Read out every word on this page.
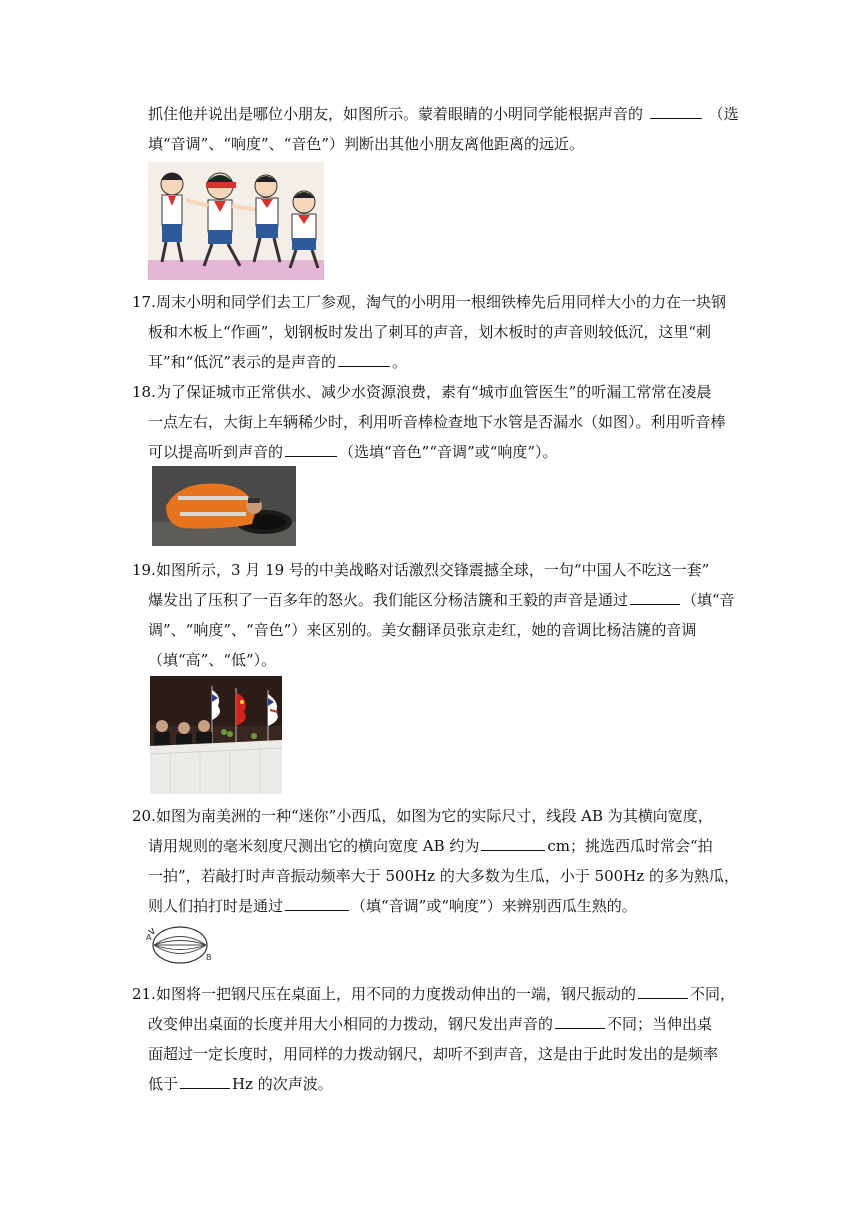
抓住他并说出是哪位小朋友，如图所示。蒙着眼睛的小明同学能根据声音的	（选
填“音调”、“响度”、“音色”）判断出其他小朋友离他距离的远近。
17. 周末小明和同学们去工厂参观，淘气的小明用一根细铁棒先后用同样大小的力在一块钢
板和木板上“作画”，划钢板时发出了刺耳的声音，划木板时的声音则较低沉，这里“刺
耳”和“低沉”表示的是声音的	。
18. 为了保证城市正常供水、减少水资源浪费，素有“城市血管医生”的听漏工常常在凌晨
一点左右，大街上车辆稀少时，利用听音棒检查地下水管是否漏水（如图）。利用听音棒
可以提高听到声音的	（选填“音色”“音调”或“响度”）。
19. 如图所示，3 月 19 号的中美战略对话激烈交锋震撼全球，一句“中国人不吃这一套”
爆发出了压积了一百多年的怒火。我们能区分杨洁篪和王毅的声音是通过	（填“音
调”、“响度”、“音色”）来区别的。美女翻译员张京走红，她的音调比杨洁篪的音调
（填“高”、“低”）。
20. 如图为南美洲的一种“迷你”小西瓜，如图为它的实际尺寸，线段 AB 为其横向宽度，
请用规则的毫米刻度尺测出它的横向宽度 AB 约为	cm；挑选西瓜时常会“拍
一拍”，若敲打时声音振动频率大于 500Hz 的大多数为生瓜，小于 500Hz 的多为熟瓜，
则人们拍打时是通过	（填“音调”或“响度”）来辨别西瓜生熟的。
A
B
21. 如图将一把钢尺压在桌面上，用不同的力度拨动伸出的一端，钢尺振动的	不同，
改变伸出桌面的长度并用大小相同的力拨动，钢尺发出声音的	不同；当伸出桌
面超过一定长度时，用同样的力拨动钢尺，却听不到声音，这是由于此时发出的是频率
低于	Hz 的次声波。
